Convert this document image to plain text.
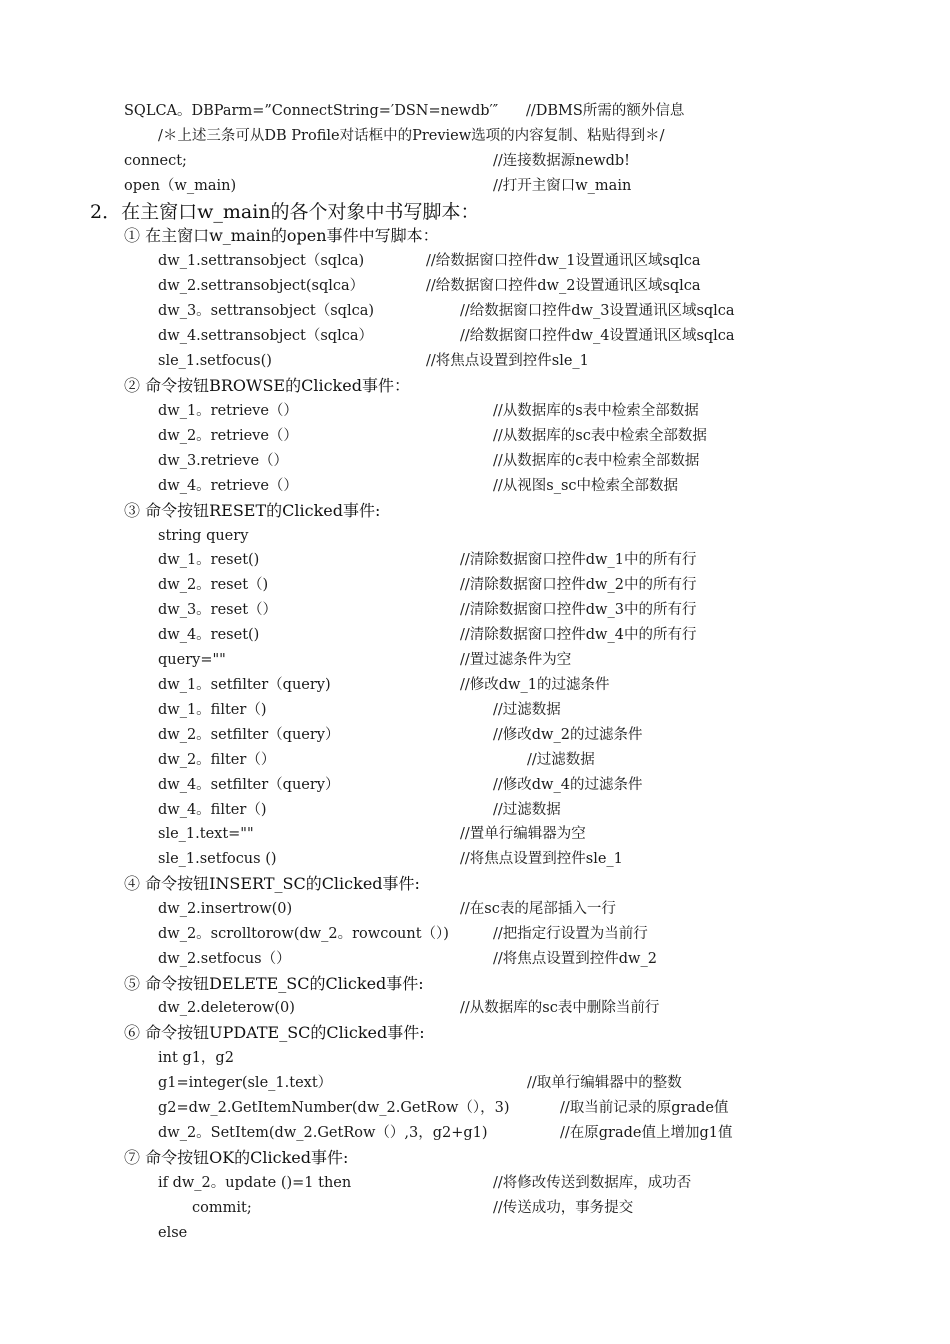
SQLCA。DBParm=”ConnectString=′DSN=newdb′″ //DBMS所需的额外信息

/＊上述三条可从DB Profile对话框中的Preview选项的内容复制、粘贴得到＊/

connect;	//连接数据源newdb!

open（w_main)	//打开主窗口w_main

2．在主窗口w_main的各个对象中书写脚本：

① 在主窗口w_main的open事件中写脚本：

dw_1.settransobject（sqlca)	//给数据窗口控件dw_1设置通讯区域sqlca

dw_2.settransobject(sqlca）	//给数据窗口控件dw_2设置通讯区域sqlca

dw_3。settransobject（sqlca)	//给数据窗口控件dw_3设置通讯区域sqlca

dw_4.settransobject（sqlca）	//给数据窗口控件dw_4设置通讯区域sqlca

sle_1.setfocus()	//将焦点设置到控件sle_1

② 命令按钮BROWSE的Clicked事件：

dw_1。retrieve（）	//从数据库的s表中检索全部数据

dw_2。retrieve（）	//从数据库的sc表中检索全部数据

dw_3.retrieve（）	//从数据库的c表中检索全部数据

dw_4。retrieve（）	//从视图s_sc中检索全部数据

③ 命令按钮RESET的Clicked事件:

string query

dw_1。reset()	//清除数据窗口控件dw_1中的所有行

dw_2。reset（)	//清除数据窗口控件dw_2中的所有行

dw_3。reset（）	//清除数据窗口控件dw_3中的所有行

dw_4。reset()	//清除数据窗口控件dw_4中的所有行

query=""	//置过滤条件为空

dw_1。setfilter（query)	//修改dw_1的过滤条件

dw_1。filter（)	//过滤数据

dw_2。setfilter（query）	//修改dw_2的过滤条件

dw_2。filter（）	//过滤数据

dw_4。setfilter（query）	//修改dw_4的过滤条件

dw_4。filter（)	//过滤数据

sle_1.text=""	//置单行编辑器为空

sle_1.setfocus ()	//将焦点设置到控件sle_1

④ 命令按钮INSERT_SC的Clicked事件:

dw_2.insertrow(0)	//在sc表的尾部插入一行

dw_2。scrolltorow(dw_2。rowcount（）)	//把指定行设置为当前行

dw_2.setfocus（）	//将焦点设置到控件dw_2

⑤ 命令按钮DELETE_SC的Clicked事件:

dw_2.deleterow(0)	//从数据库的sc表中删除当前行

⑥ 命令按钮UPDATE_SC的Clicked事件:

int g1，g2

g1=integer(sle_1.text）	//取单行编辑器中的整数

g2=dw_2.GetItemNumber(dw_2.GetRow（），3)	//取当前记录的原grade值

dw_2。SetItem(dw_2.GetRow（）,3，g2+g1)	//在原grade值上增加g1值

⑦ 命令按钮OK的Clicked事件:

if dw_2。update ()=1 then	//将修改传送到数据库，成功否

commit;	//传送成功，事务提交

else
